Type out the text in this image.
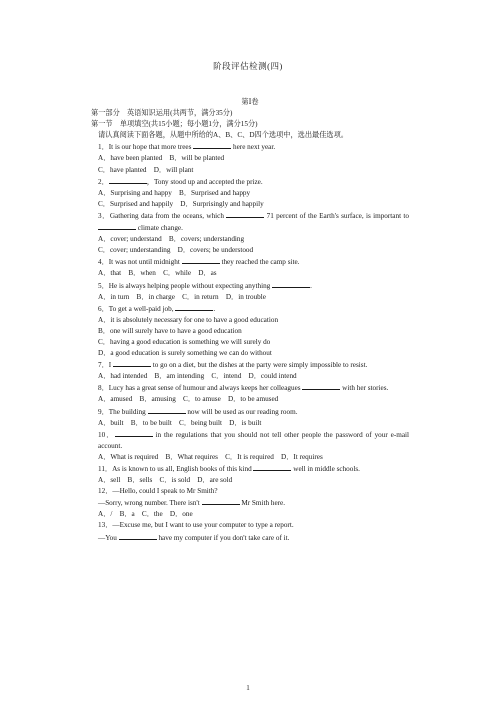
阶段评估检测(四)
第Ⅰ卷
第一部分　英语知识运用(共两节，满分35分)
第一节　单项填空(共15小题；每小题1分，满分15分)
请认真阅读下面各题，从题中所给的A、B、C、D四个选项中，选出最佳选项。
1．It is our hope that more trees	here next year.
A．have been planted　B．will be planted
C．have planted　D．will plant
2．	，Tony stood up and accepted the prize.
A．Surprising and happy　B．Surprised and happy
C．Surprised and happily　D．Surprisingly and happily
3．Gathering data from the oceans, which	71 percent of the Earth's surface, is important to  climate change.
A．cover; understand　B．covers; understanding
C．cover; understanding　D．covers; be understood
4．It was not until midnight	they reached the camp site.
A．that　B．when　C．while　D．as
5．He is always helping people without expecting anything	.
A．in turn　B．in charge　C．in return　D．in trouble
6．To get a well-paid job,	.
A．it is absolutely necessary for one to have a good education
B．one will surely have to have a good education
C．having a good education is something we will surely do
D．a good education is surely something we can do without
7．I	to go on a diet, but the dishes at the party were simply impossible to resist.
A．had intended　B．am intending　C．intend　D．could intend
8．Lucy has a great sense of humour and always keeps her colleagues	with her stories.
A．amused　B．amusing　C．to amuse　D．to be amused
9．The building	now will be used as our reading room.
A．built　B．to be built　C．being built　D．is built
10．	in the regulations that you should not tell other people the password of your e-mail account.
A．What is required　B．What requires　C．It is required　D．It requires
11．As is known to us all, English books of this kind	well in middle schools.
A．sell　B．sells　C．is sold　D．are sold
12．—Hello, could I speak to Mr Smith?
—Sorry, wrong number. There isn't	Mr Smith here.
A．/　B．a　C．the　D．one
13．—Excuse me, but I want to use your computer to type a report.
—You	have my computer if you don't take care of it.
1
